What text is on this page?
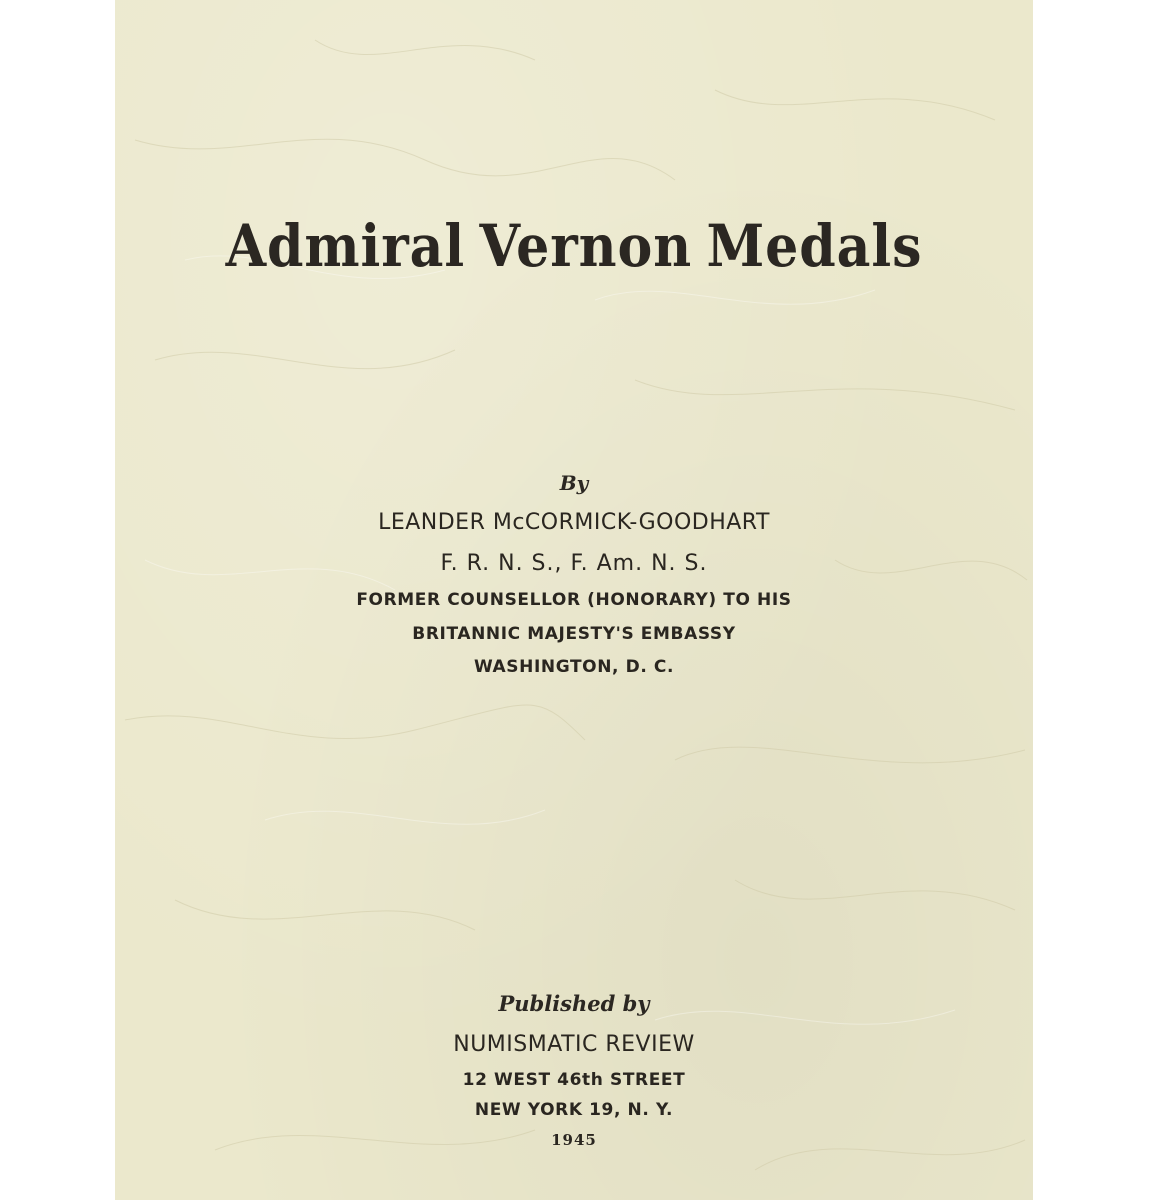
Admiral Vernon Medals
By
LEANDER McCORMICK-GOODHART
F. R. N. S., F. Am. N. S.
FORMER COUNSELLOR (HONORARY) TO HIS
BRITANNIC MAJESTY'S EMBASSY
WASHINGTON, D. C.
Published by
NUMISMATIC REVIEW
12 WEST 46th STREET
NEW YORK 19, N. Y.
1945
